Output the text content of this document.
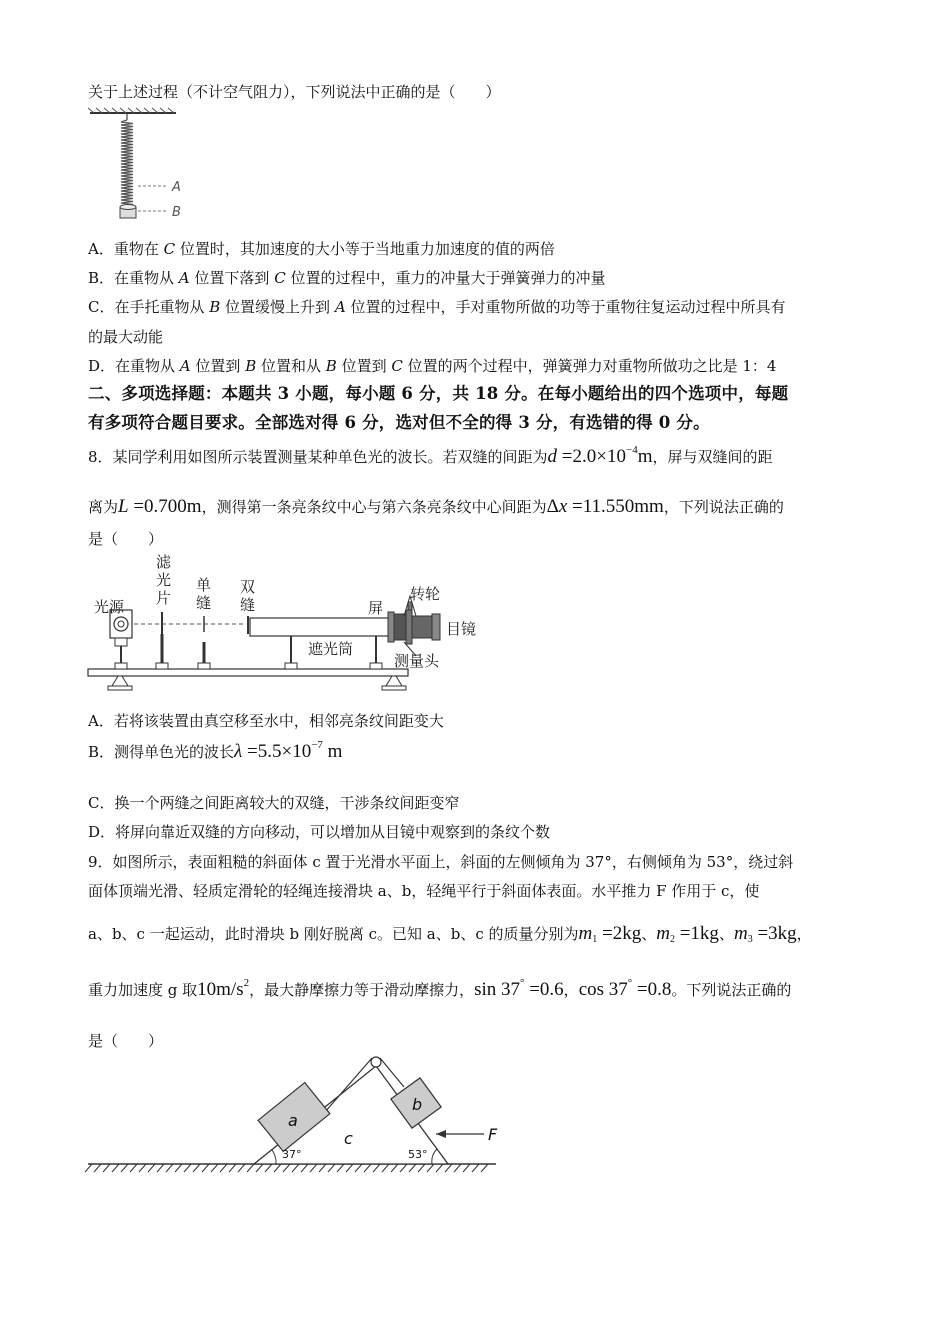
关于上述过程（不计空气阻力），下列说法中正确的是（　　）
A
B
A．重物在 C 位置时，其加速度的大小等于当地重力加速度的值的两倍
B．在重物从 A 位置下落到 C 位置的过程中，重力的冲量大于弹簧弹力的冲量
C．在手托重物从 B 位置缓慢上升到 A 位置的过程中，手对重物所做的功等于重物往复运动过程中所具有
的最大动能
D．在重物从 A 位置到 B 位置和从 B 位置到 C 位置的两个过程中，弹簧弹力对重物所做功之比是 1：4
二、多项选择题：本题共 3 小题，每小题 6 分，共 18 分。在每小题给出的四个选项中，每题
有多项符合题目要求。全部选对得 6 分，选对但不全的得 3 分，有选错的得 0 分。
8．某同学利用如图所示装置测量某种单色光的波长。若双缝的间距为$d =2.0\times 10^{-4}m$，屏与双缝间的距
离为L =0.700m，测得第一条亮条纹中心与第六条亮条纹中心间距为Δx =11.550mm，下列说法正确的
是（　　）
光源
滤
光
片
单
缝
双
缝	屏
转轮
目镜
遮光筒
测量头
A．若将该装置由真空移至水中，相邻亮条纹间距变大
B．测得单色光的波长$\lambda =5.5\times 10^{-7}$ m
C．换一个两缝之间距离较大的双缝，干涉条纹间距变窄
D．将屏向靠近双缝的方向移动，可以增加从目镜中观察到的条纹个数
9．如图所示，表面粗糙的斜面体 c 置于光滑水平面上，斜面的左侧倾角为 37°，右侧倾角为 53°，绕过斜
面体顶端光滑、轻质定滑轮的轻绳连接滑块 a、b，轻绳平行于斜面体表面。水平推力 F 作用于 c，使
a、b、c 一起运动，此时滑块 b 刚好脱离 c。已知 a、b、c 的质量分别为$m_1 =2kg$、$m_2 =1kg$、$m_3 =3kg$，
重力加速度 g 取$10m/s^2$，最大静摩擦力等于滑动摩擦力，sin 37° =0.6，cos 37° =0.8。下列说法正确的
是（　　）
a
b
c	F
37°	53°
